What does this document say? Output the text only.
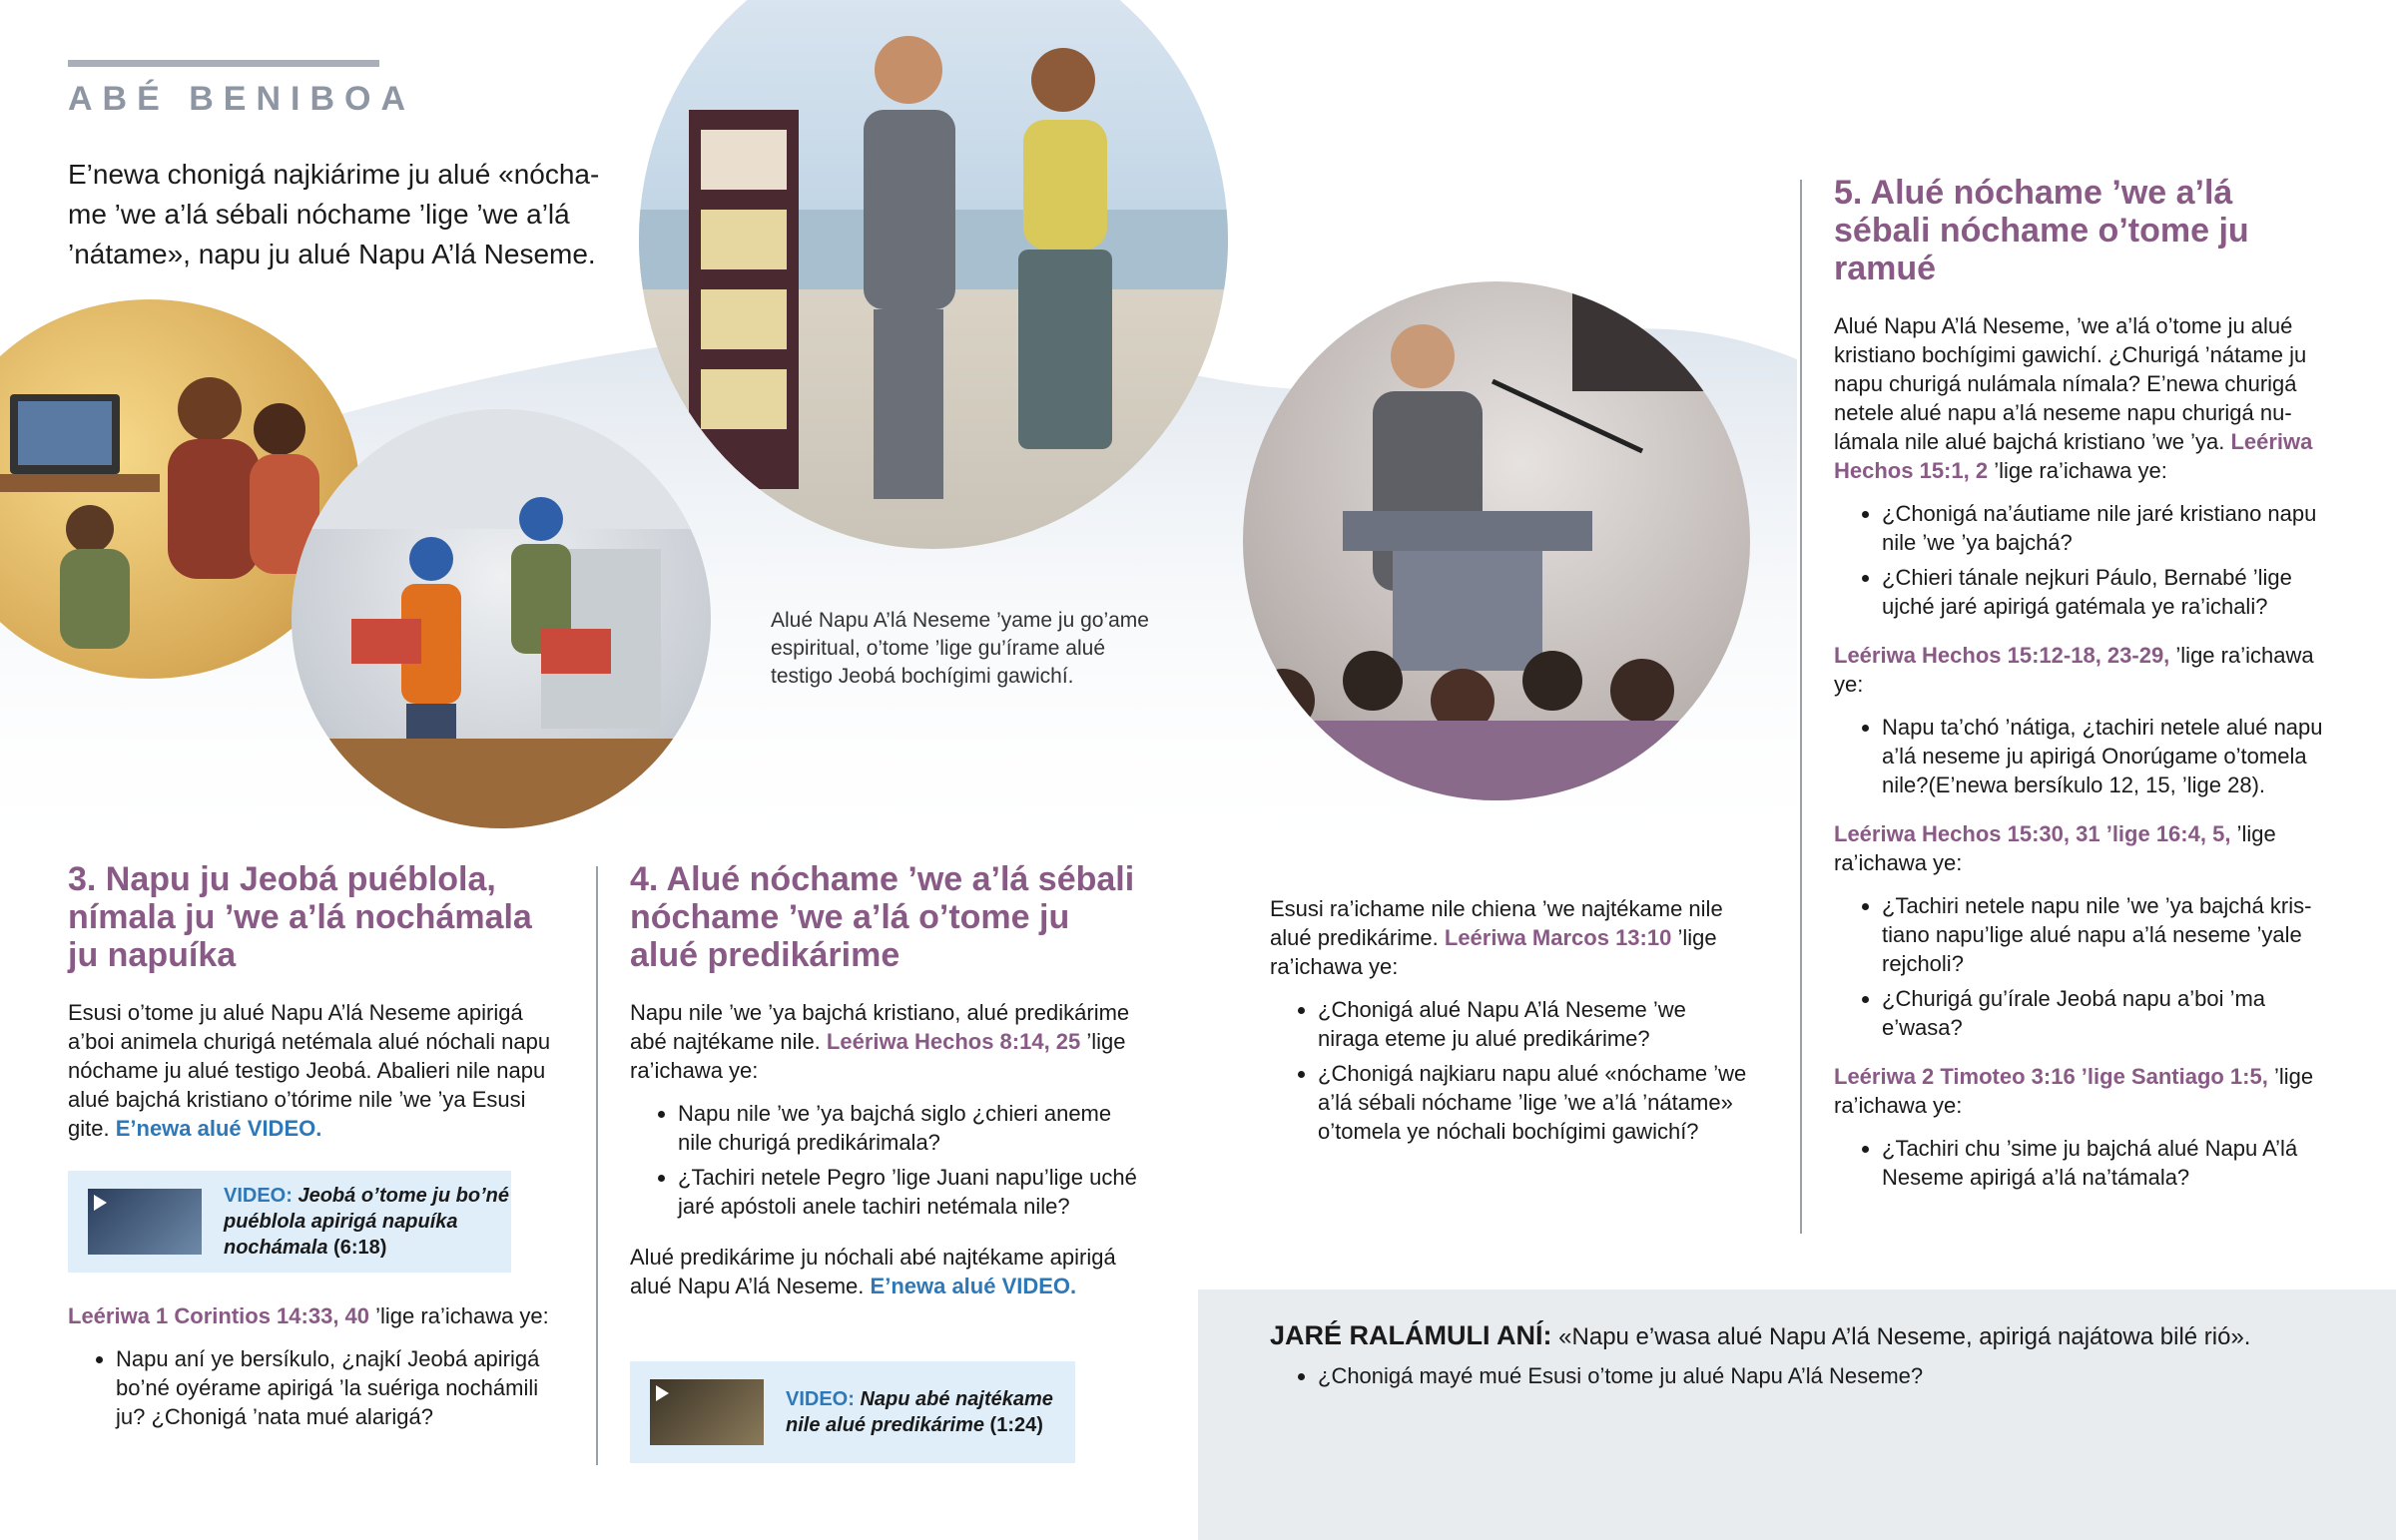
ABÉ BENIBOA
E’newa chonigá najkiárime ju alué «nóchame ’we a’lá sébali nóchame ’lige ’we a’lá ’nátame», napu ju alué Napu A’lá Neseme.
Alué Napu A’lá Neseme ’yame ju go’ame espiritual, o’tome ’lige gu’írame alué testigo Jeobá bochígimi gawichí.
3. Napu ju Jeobá puéblola, nímala ju ’we a’lá nochámala ju napuíka

Esusi o’tome ju alué Napu A’lá Neseme apirigá a’boi animela churigá netémala alué nóchali napu nóchame ju alué testigo Jeobá. Abalieri nile napu alué bajchá kristiano o’tórime nile ’we ’ya Esusi gite. E’newa alué VIDEO.

VIDEO: Jeobá o’tome ju bo’né puéblola apirigá napuíka nochámala (6:18)

Leériwa 1 Corintios 14:33, 40 ’lige ra’ichawa ye:

• Napu aní ye bersíkulo, ¿najkí Jeobá apirigá bo’né oyérame apirigá ’la suériga nochámili ju? ¿Chonigá ’nata mué alarigá?
4. Alué nóchame ’we a’lá sébali nóchame ’we a’lá o’tome ju alué predikárime

Napu nile ’we ’ya bajchá kristiano, alué predikárime abé najtékame nile. Leériwa Hechos 8:14, 25 ’lige ra’ichawa ye:

• Napu nile ’we ’ya bajchá siglo ¿chieri aneme nile churigá predikárimala?
• ¿Tachiri netele Pegro ’lige Juani napu’lige uché jaré apóstoli anele tachiri netémala nile?

Alué predikárime ju nóchali abé najtékame apirigá alué Napu A’lá Neseme. E’newa alué VIDEO.

VIDEO: Napu abé najtékame nile alué predikárime (1:24)

Esusi ra’ichame nile chiena ’we najtékame nile alué predikárime. Leériwa Marcos 13:10 ’lige ra’ichawa ye:

• ¿Chonigá alué Napu A’lá Neseme ’we niraga eteme ju alué predikárime?
• ¿Chonigá najkiaru napu alué «nóchame ’we a’lá sébali nóchame ’lige ’we a’lá ’nátame» o’tomela ye nóchali bochígimi gawichí?
5. Alué nóchame ’we a’lá sébali nóchame o’tome ju ramué

Alué Napu A’lá Neseme, ’we a’lá o’tome ju alué kristiano bochígimi gawichí. ¿Churigá ’nátame ju napu churigá nulámala nímala? E’newa churigá netele alué napu a’lá neseme napu churigá nulámala nile alué bajchá kristiano ’we ’ya. Leériwa Hechos 15:1, 2 ’lige ra’ichawa ye:

• ¿Chonigá na’áutiame nile jaré kristiano napu nile ’we ’ya bajchá?
• ¿Chieri tánale nejkuri Páulo, Bernabé ’lige ujché jaré apirigá gatémala ye ra’ichali?

Leériwa Hechos 15:12-18, 23-29, ’lige ra’ichawa ye:

• Napu ta’chó ’nátiga, ¿tachiri netele alué napu a’lá neseme ju apirigá Onorúgame o’tomela nile?(E’newa bersíkulo 12, 15, ’lige 28).

Leériwa Hechos 15:30, 31 ’lige 16:4, 5, ’lige ra’ichawa ye:

• ¿Tachiri netele napu nile ’we ’ya bajchá kristiano napu’lige alué napu a’lá neseme ’yale rejcholi?
• ¿Churigá gu’írale Jeobá napu a’boi ’ma e’wasa?

Leériwa 2 Timoteo 3:16 ’lige Santiago 1:5, ’lige ra’ichawa ye:

• ¿Tachiri chu ’sime ju bajchá alué Napu A’lá Neseme apirigá a’lá na’támala?

JARÉ RALÁMULI ANÍ: «Napu e’wasa alué Napu A’lá Neseme, apirigá najátowa bilé rió».

• ¿Chonigá mayé mué Esusi o’tome ju alué Napu A’lá Neseme?
